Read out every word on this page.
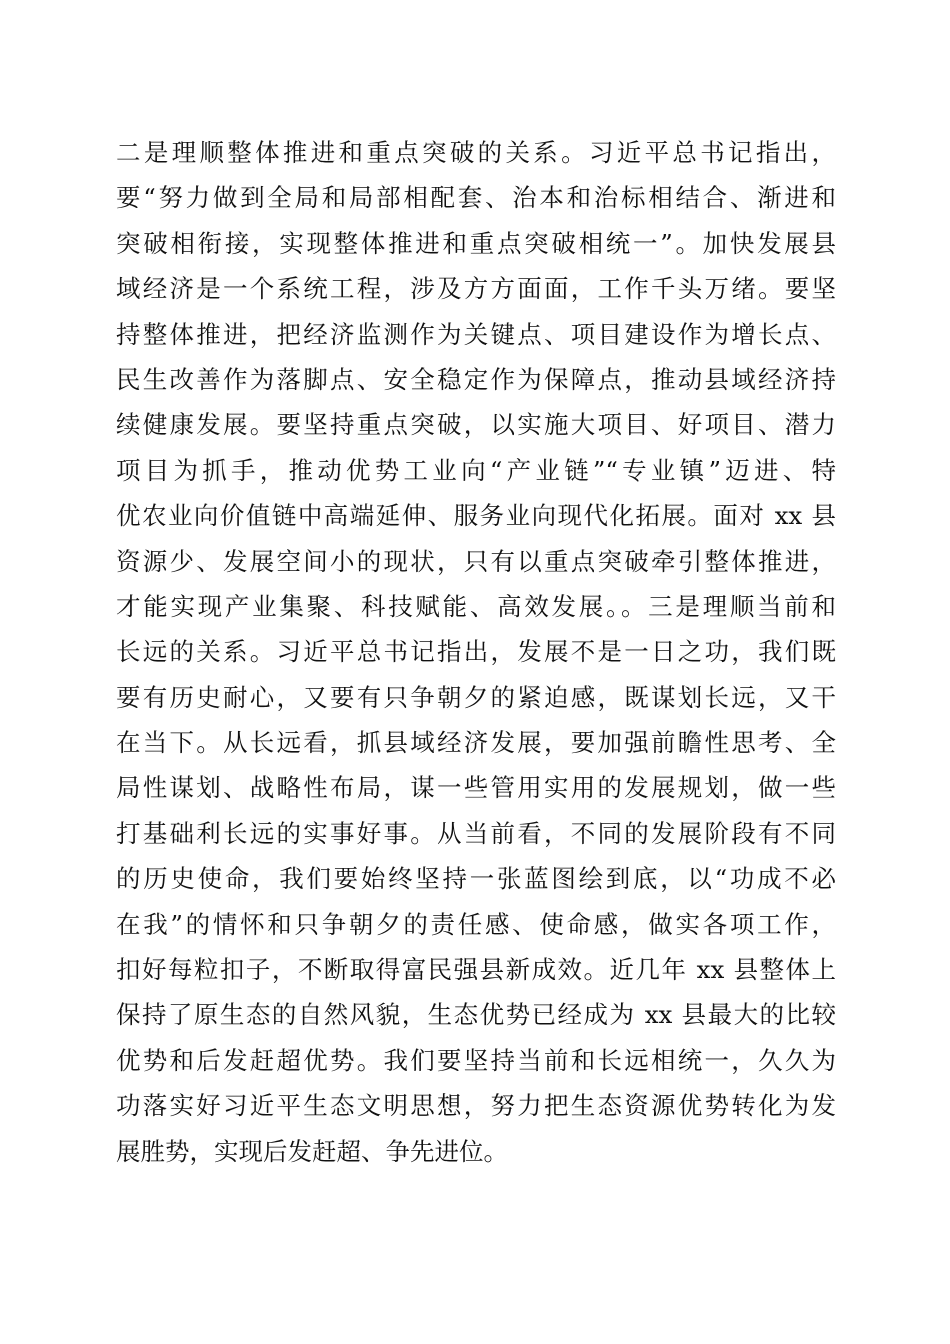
二是理顺整体推进和重点突破的关系。习近平总书记指出，
要“努力做到全局和局部相配套、治本和治标相结合、渐进和
突破相衔接，实现整体推进和重点突破相统一”。加快发展县
域经济是一个系统工程，涉及方方面面，工作千头万绪。要坚
持整体推进，把经济监测作为关键点、项目建设作为增长点、
民生改善作为落脚点、安全稳定作为保障点，推动县域经济持
续健康发展。要坚持重点突破，以实施大项目、好项目、潜力
项目为抓手，推动优势工业向“产业链”“专业镇”迈进、特
优农业向价值链中高端延伸、服务业向现代化拓展。面对 xx 县
资源少、发展空间小的现状，只有以重点突破牵引整体推进，
才能实现产业集聚、科技赋能、高效发展。。三是理顺当前和
长远的关系。习近平总书记指出，发展不是一日之功，我们既
要有历史耐心，又要有只争朝夕的紧迫感，既谋划长远，又干
在当下。从长远看，抓县域经济发展，要加强前瞻性思考、全
局性谋划、战略性布局，谋一些管用实用的发展规划，做一些
打基础利长远的实事好事。从当前看，不同的发展阶段有不同
的历史使命，我们要始终坚持一张蓝图绘到底，以“功成不必
在我”的情怀和只争朝夕的责任感、使命感，做实各项工作，
扣好每粒扣子，不断取得富民强县新成效。近几年 xx 县整体上
保持了原生态的自然风貌，生态优势已经成为 xx 县最大的比较
优势和后发赶超优势。我们要坚持当前和长远相统一，久久为
功落实好习近平生态文明思想，努力把生态资源优势转化为发
展胜势，实现后发赶超、争先进位。
